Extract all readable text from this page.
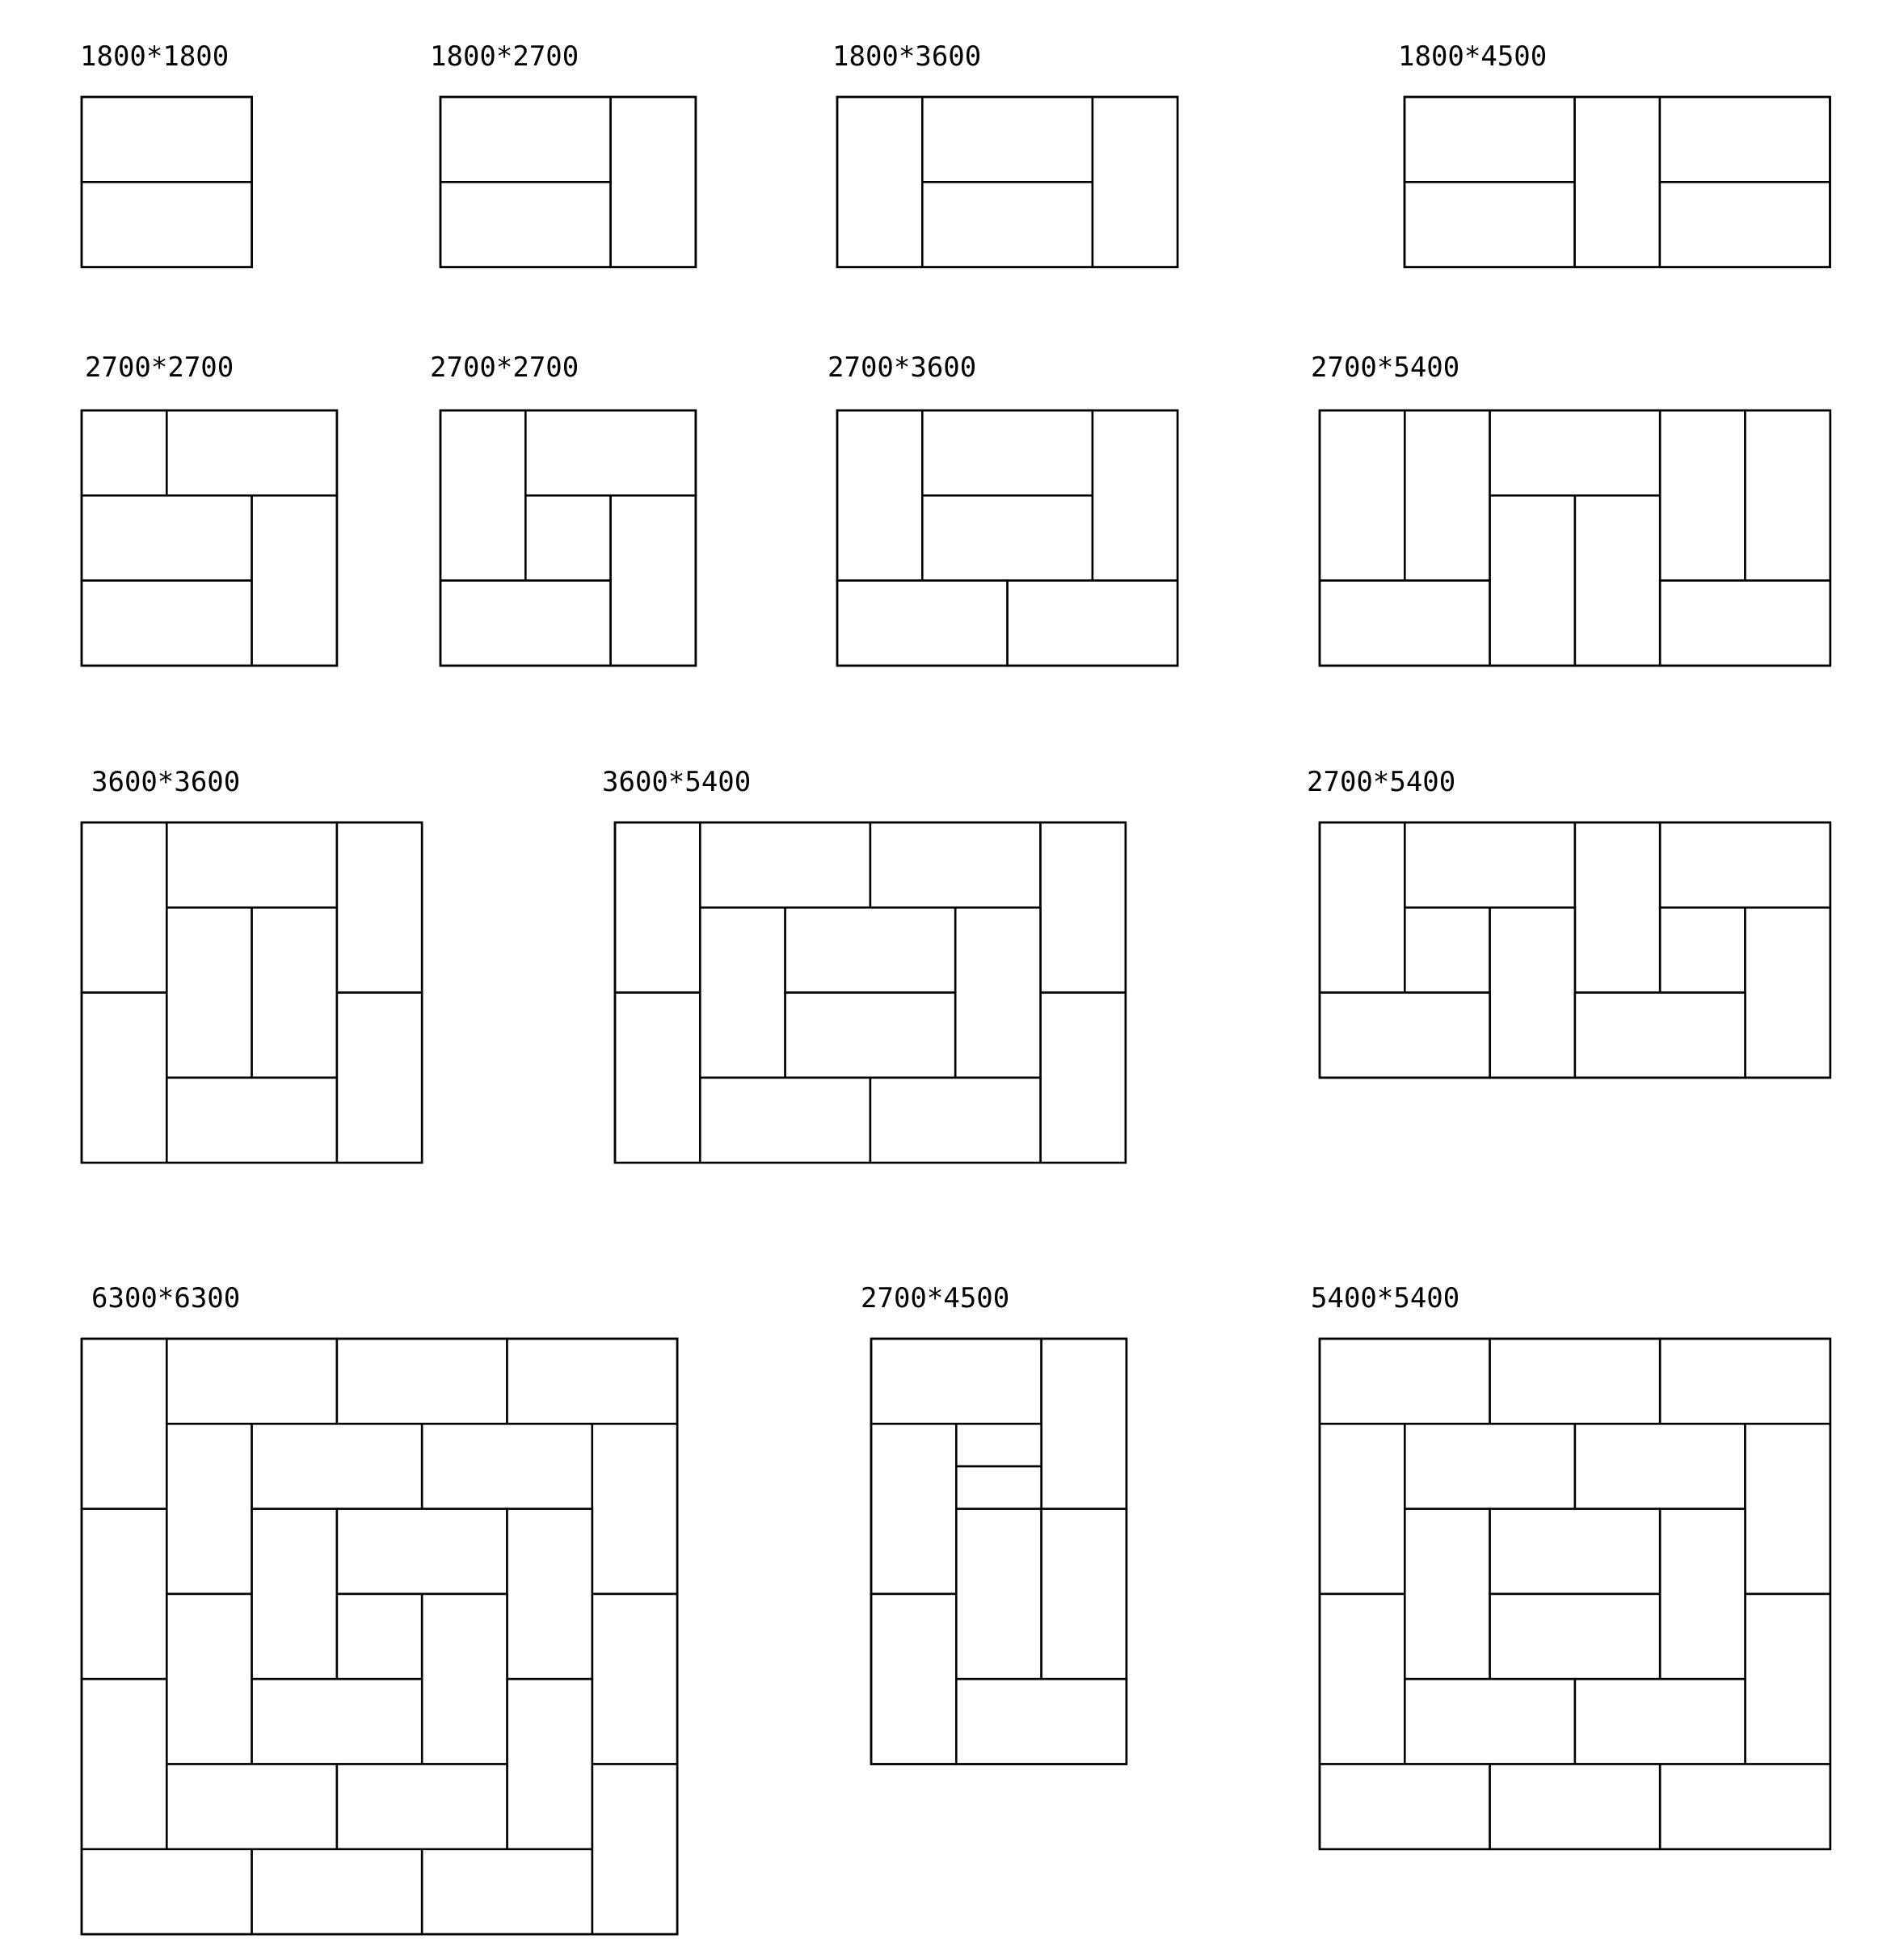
1800*1800	1800*2700	1800*3600	1800*4500
2700*2700	2700*2700	2700*3600	2700*5400
3600*3600	3600*5400	2700*5400
6300*6300	2700*4500	5400*5400
